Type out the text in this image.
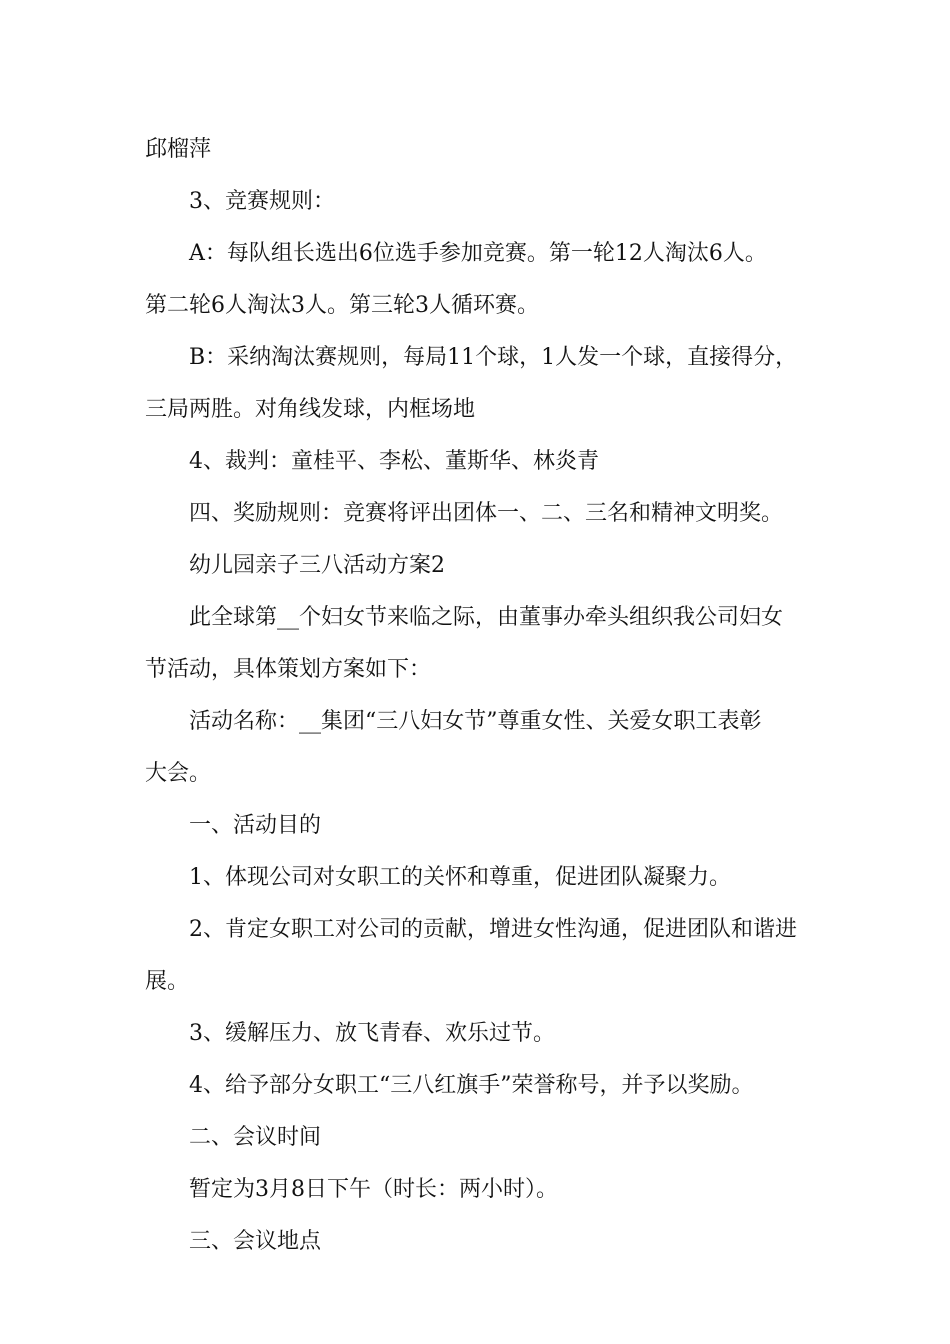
邱榴萍

3、竞赛规则：

A：每队组长选出6位选手参加竞赛。第一轮12人淘汰6人。

第二轮6人淘汰3人。第三轮3人循环赛。

B：采纳淘汰赛规则，每局11个球，1人发一个球，直接得分，

三局两胜。对角线发球，内框场地

4、裁判：童桂平、李松、董斯华、林炎青

四、奖励规则：竞赛将评出团体一、二、三名和精神文明奖。

幼儿园亲子三八活动方案2

此全球第__个妇女节来临之际，由董事办牵头组织我公司妇女

节活动，具体策划方案如下：

活动名称：__集团“三八妇女节”尊重女性、关爱女职工表彰

大会。

一、活动目的

1、体现公司对女职工的关怀和尊重，促进团队凝聚力。

2、肯定女职工对公司的贡献，增进女性沟通，促进团队和谐进

展。

3、缓解压力、放飞青春、欢乐过节。

4、给予部分女职工“三八红旗手”荣誉称号，并予以奖励。

二、会议时间

暂定为3月8日下午（时长：两小时）。

三、会议地点
